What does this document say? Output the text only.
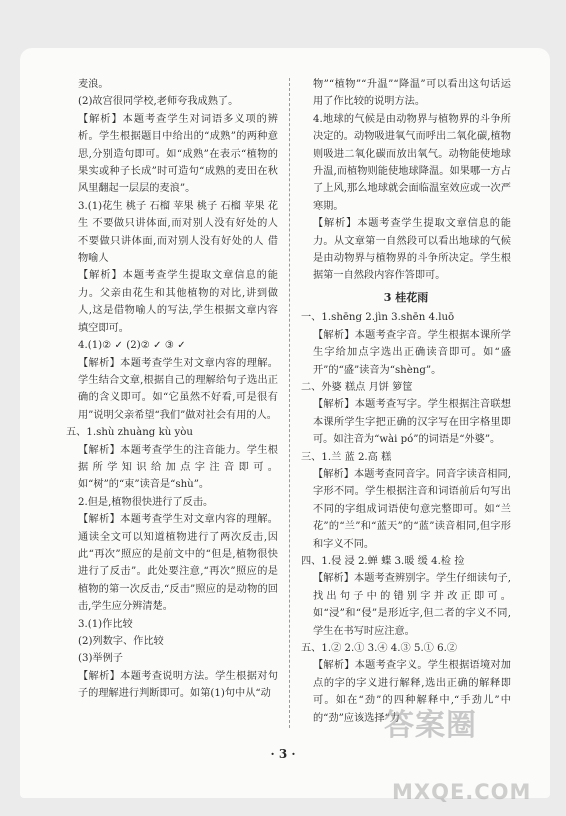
麦浪。

(2)故宫很同学校,老师夸我成熟了。

【解析】本题考查学生对词语多义项的辨析。学生根据题目中给出的“成熟”的两种意思,分别造句即可。如“成熟”在表示“植物的果实或种子长成”时可造句“成熟的麦田在秋风里翻起一层层的麦浪”。

3.(1)花生 桃子 石榴 苹果 桃子 石榴 苹果 花生 不要做只讲体面,而对别人没有好处的人 不要做只讲体面,而对别人没有好处的人 借物喻人

【解析】本题考查学生提取文章信息的能力。父亲由花生和其他植物的对比,讲到做人,这是借物喻人的写法,学生根据文章内容填空即可。

4.(1)② ✓ (2)② ✓ ③ ✓

【解析】本题考查学生对文章内容的理解。学生结合文章,根据自己的理解给句子选出正确的含义即可。如“它虽然不好看,可是很有用”说明父亲希望“我们”做对社会有用的人。

五、1.shù zhuàng kù yòu

【解析】本题考查学生的注音能力。学生根据所学知识给加点字注音即可。如“树”的“束”读音是“shù”。

2.但是,植物很快进行了反击。

【解析】本题考查学生对文章内容的理解。通读全文可以知道植物进行了两次反击,因此“再次”照应的是前文中的“但是,植物很快进行了反击”。此处要注意,“再次”照应的是植物的第一次反击,“反击”照应的是动物的回击,学生应分辨清楚。

3.(1)作比较

(2)列数字、作比较

(3)举例子

【解析】本题考查说明方法。学生根据对句子的理解进行判断即可。如第(1)句中从“动

物”“植物”“升温”“降温”可以看出这句话运用了作比较的说明方法。

4.地球的气候是由动物界与植物界的斗争所决定的。动物吸进氧气而呼出二氧化碳,植物则吸进二氧化碳而放出氧气。动物能使地球升温,而植物则能使地球降温。如果哪一方占了上风,那么地球就会面临温室效应或一次严寒期。

【解析】本题考查学生提取文章信息的能力。从文章第一自然段可以看出地球的气候是由动物界与植物界的斗争所决定。学生根据第一自然段内容作答即可。

3 桂花雨

一、1.shēng 2.jìn 3.shēn 4.luō

【解析】本题考查字音。学生根据本课所学生字给加点字选出正确读音即可。如“盛开”的“盛”读音为“shèng”。

二、外婆 糕点 月饼 箩筐

【解析】本题考查写字。学生根据注音联想本课所学生字把正确的汉字写在田字格里即可。如注音为“wài pó”的词语是“外婆”。

三、1.兰 蓝 2.高 糕

【解析】本题考查同音字。同音字读音相同,字形不同。学生根据注音和词语前后句写出不同的字组成词语使句意完整即可。如“兰花”的“兰”和“蓝天”的“蓝”读音相同,但字形和字义不同。

四、1.侵 浸 2.蝉 蝶 3.暖 缓 4.检 捡

【解析】本题考查辨别字。学生仔细读句子,找出句子中的错别字并改正即可。如“浸”和“侵”是形近字,但二者的字义不同,学生在书写时应注意。

五、1.② 2.① 3.④ 4.③ 5.① 6.②

【解析】本题考查字义。学生根据语境对加点的字的字义进行解释,选出正确的解释即可。如在“劲”的四种解释中,“手劲儿”中的“劲”应该选择“力

· 3 ·
答案圈
MXQE.COM
